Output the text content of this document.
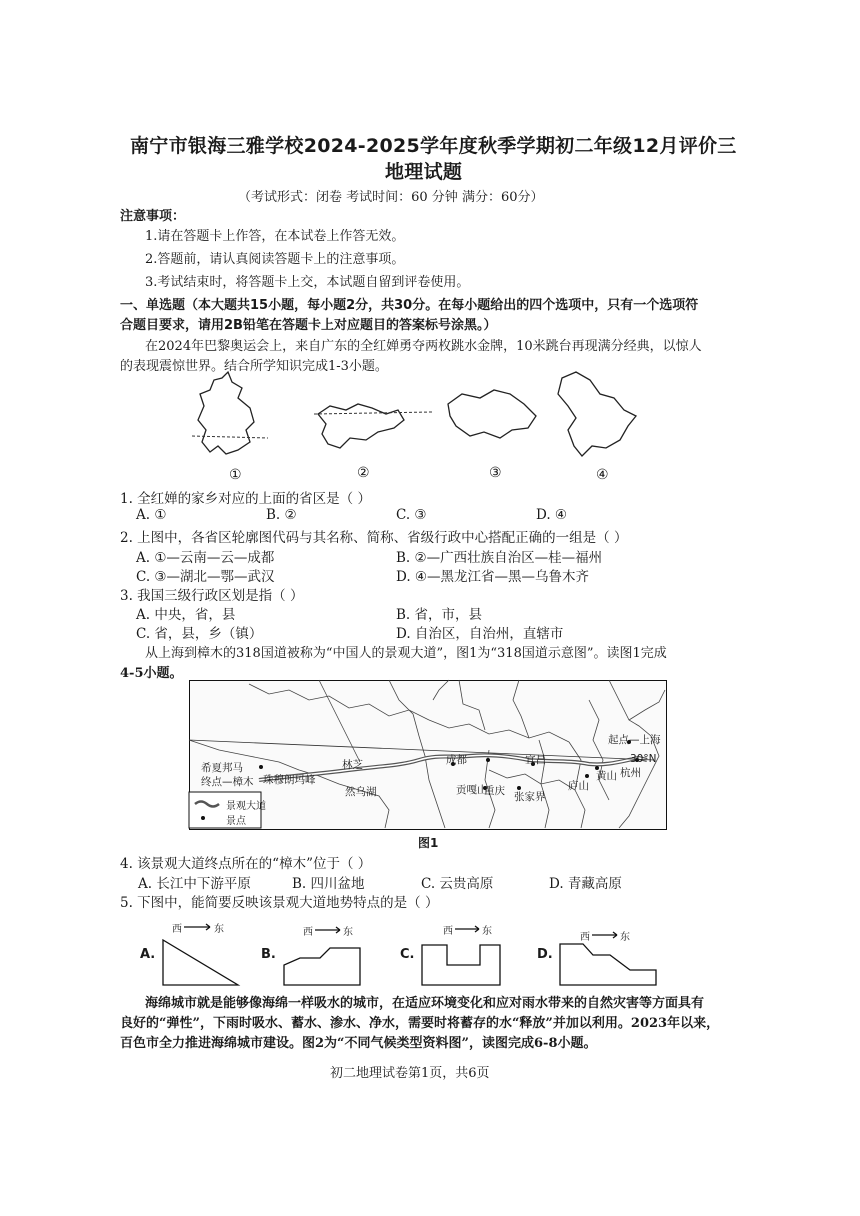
南宁市银海三雅学校2024-2025学年度秋季学期初二年级12月评价三
地理试题
（考试形式：闭卷 考试时间：60 分钟 满分：60分）
注意事项：
1.请在答题卡上作答，在本试卷上作答无效。
2.答题前，请认真阅读答题卡上的注意事项。
3.考试结束时，将答题卡上交，本试题自留到评卷使用。
一、单选题（本大题共15小题，每小题2分，共30分。在每小题给出的四个选项中，只有一个选项符
合题目要求，请用2B铅笔在答题卡上对应题目的答案标号涂黑。）
在2024年巴黎奥运会上，来自广东的全红婵勇夺两枚跳水金牌，10米跳台再现满分经典，以惊人
的表现震惊世界。结合所学知识完成1-3小题。
①	②	③	④
1. 全红婵的家乡对应的上面的省区是（ ）
A. ①	B. ②	C. ③	D. ④
2. 上图中，各省区轮廓图代码与其名称、简称、省级行政中心搭配正确的一组是（ ）
A. ①—云南—云—成都	B. ②—广西壮族自治区—桂—福州
C. ③—湖北—鄂—武汉	D. ④—黑龙江省—黑—乌鲁木齐
3. 我国三级行政区划是指（ ）
A. 中央，省，县	B. 省，市，县
C. 省，县，乡（镇）	D. 自治区，自治州，直辖市
从上海到樟木的318国道被称为“中国人的景观大道”，图1为“318国道示意图”。读图1完成
4-5小题。
景观大道
景点
希夏邦马
终点—樟木 珠穆朗玛峰
林芝
然乌湖
成都
贡嘎山
宜昌
重庆 张家界
庐山
黄山 杭州
起点—上海
30°N
图1
4. 该景观大道终点所在的“樟木”位于（ ）
A. 长江中下游平原	B. 四川盆地	C. 云贵高原	D. 青藏高原
5. 下图中，能简要反映该景观大道地势特点的是（ ）
A.	B.	C.	D.
西	东	西	东	西	东
西	东
海绵城市就是能够像海绵一样吸水的城市，在适应环境变化和应对雨水带来的自然灾害等方面具有
良好的“弹性”，下雨时吸水、蓄水、渗水、净水，需要时将蓄存的水“释放”并加以利用。2023年以来，
百色市全力推进海绵城市建设。图2为“不同气候类型资料图”，读图完成6-8小题。
初二地理试卷第1页，共6页
